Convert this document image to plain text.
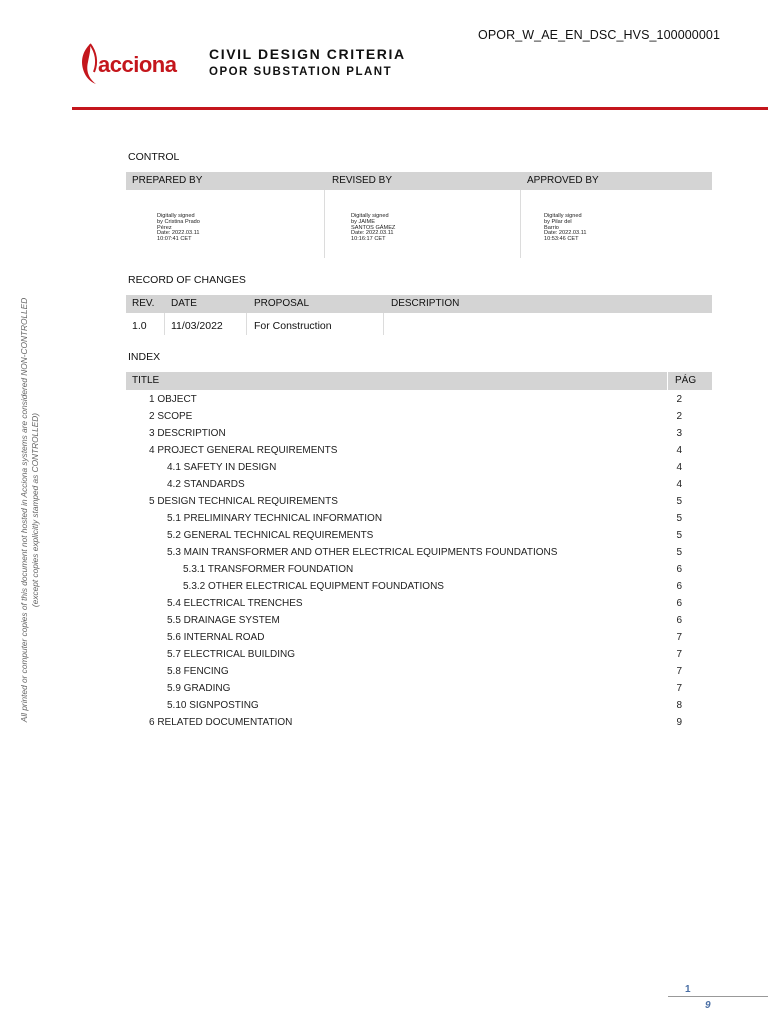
OPOR_W_AE_EN_DSC_HVS_100000001
acciona CIVIL DESIGN CRITERIA
OPOR SUBSTATION PLANT
All printed or computer copies of this document not hosted in Acciona systems are considered NON-CONTROLLED (except copies explicitly stamped as CONTROLLED)
CONTROL
PREPARED BY	REVISED BY	APPROVED BY
Digitally signed
by Cristina Prado
Pérez
Date: 2022.03.11
10:07:41 CET
Digitally signed
by JAIME
SANTOS GÁMEZ
Date: 2022.03.11
10:16:17 CET
Digitally signed
by Pilar del
Barrio
Date: 2022.03.11
10:53:46 CET
RECORD OF CHANGES
REV. DATE	PROPOSAL	DESCRIPTION
1.0 11/03/2022	For Construction
INDEX
TITLE	PÁG
1 OBJECT	2
2 SCOPE	2
3 DESCRIPTION	3
4 PROJECT GENERAL REQUIREMENTS	4
4.1 SAFETY IN DESIGN	4
4.2 STANDARDS	4
5 DESIGN TECHNICAL REQUIREMENTS	5
5.1 PRELIMINARY TECHNICAL INFORMATION	5
5.2 GENERAL TECHNICAL REQUIREMENTS	5
5.3 MAIN TRANSFORMER AND OTHER ELECTRICAL EQUIPMENTS FOUNDATIONS	5
5.3.1 TRANSFORMER FOUNDATION	6
5.3.2 OTHER ELECTRICAL EQUIPMENT FOUNDATIONS	6
5.4 ELECTRICAL TRENCHES	6
5.5 DRAINAGE SYSTEM	6
5.6 INTERNAL ROAD	7
5.7 ELECTRICAL BUILDING	7
5.8 FENCING	7
5.9 GRADING	7
5.10 SIGNPOSTING	8
6 RELATED DOCUMENTATION	9
1
9
